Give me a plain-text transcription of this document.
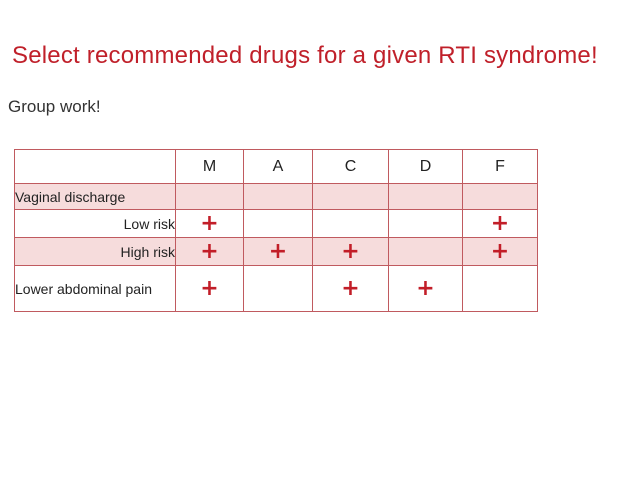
Select recommended drugs for a given RTI syndrome!
Group work!
	M	A	C	D	F
Vaginal discharge					
Low risk	+				+
High risk	+	+	+		+
Lower abdominal pain	+		+	+	
